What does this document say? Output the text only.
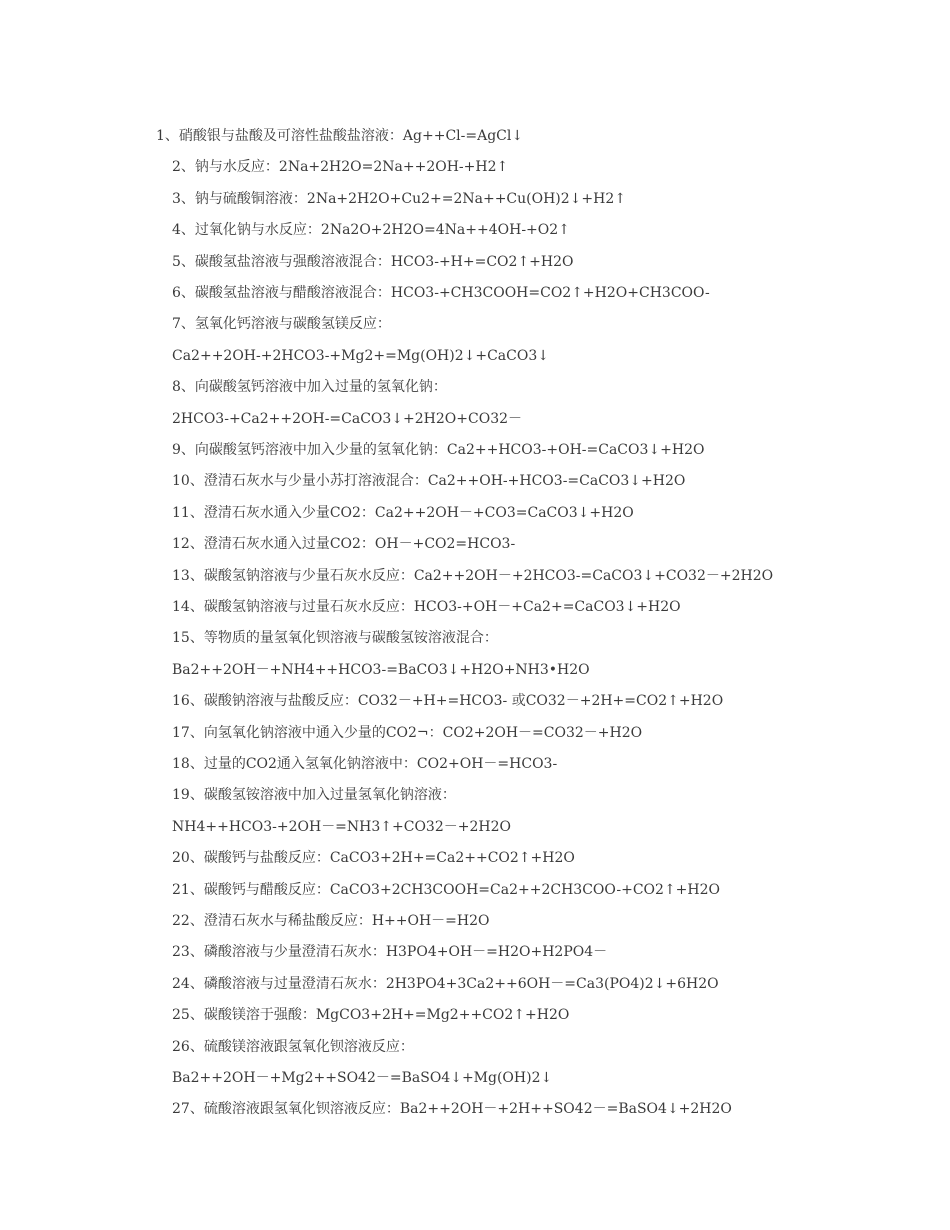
1、硝酸银与盐酸及可溶性盐酸盐溶液：Ag++Cl-=AgCl↓
2、钠与水反应：2Na+2H2O=2Na++2OH-+H2↑
3、钠与硫酸铜溶液：2Na+2H2O+Cu2+=2Na++Cu(OH)2↓+H2↑
4、过氧化钠与水反应：2Na2O+2H2O=4Na++4OH-+O2↑
5、碳酸氢盐溶液与强酸溶液混合：HCO3-+H+=CO2↑+H2O
6、碳酸氢盐溶液与醋酸溶液混合：HCO3-+CH3COOH=CO2↑+H2O+CH3COO-
7、氢氧化钙溶液与碳酸氢镁反应：
Ca2++2OH-+2HCO3-+Mg2+=Mg(OH)2↓+CaCO3↓
8、向碳酸氢钙溶液中加入过量的氢氧化钠：
2HCO3-+Ca2++2OH-=CaCO3↓+2H2O+CO32－
9、向碳酸氢钙溶液中加入少量的氢氧化钠：Ca2++HCO3-+OH-=CaCO3↓+H2O
10、澄清石灰水与少量小苏打溶液混合：Ca2++OH-+HCO3-=CaCO3↓+H2O
11、澄清石灰水通入少量CO2：Ca2++2OH－+CO3=CaCO3↓+H2O
12、澄清石灰水通入过量CO2：OH－+CO2=HCO3-
13、碳酸氢钠溶液与少量石灰水反应：Ca2++2OH－+2HCO3-=CaCO3↓+CO32－+2H2O
14、碳酸氢钠溶液与过量石灰水反应：HCO3-+OH－+Ca2+=CaCO3↓+H2O
15、等物质的量氢氧化钡溶液与碳酸氢铵溶液混合：
Ba2++2OH－+NH4++HCO3-=BaCO3↓+H2O+NH3•H2O
16、碳酸钠溶液与盐酸反应：CO32－+H+=HCO3- 或CO32－+2H+=CO2↑+H2O
17、向氢氧化钠溶液中通入少量的CO2¬：CO2+2OH－=CO32－+H2O
18、过量的CO2通入氢氧化钠溶液中：CO2+OH－=HCO3-
19、碳酸氢铵溶液中加入过量氢氧化钠溶液：
NH4++HCO3-+2OH－=NH3↑+CO32－+2H2O
20、碳酸钙与盐酸反应：CaCO3+2H+=Ca2++CO2↑+H2O
21、碳酸钙与醋酸反应：CaCO3+2CH3COOH=Ca2++2CH3COO-+CO2↑+H2O
22、澄清石灰水与稀盐酸反应：H++OH－=H2O
23、磷酸溶液与少量澄清石灰水：H3PO4+OH－=H2O+H2PO4－
24、磷酸溶液与过量澄清石灰水：2H3PO4+3Ca2++6OH－=Ca3(PO4)2↓+6H2O
25、碳酸镁溶于强酸：MgCO3+2H+=Mg2++CO2↑+H2O
26、硫酸镁溶液跟氢氧化钡溶液反应：
Ba2++2OH－+Mg2++SO42－=BaSO4↓+Mg(OH)2↓
27、硫酸溶液跟氢氧化钡溶液反应：Ba2++2OH－+2H++SO42－=BaSO4↓+2H2O
